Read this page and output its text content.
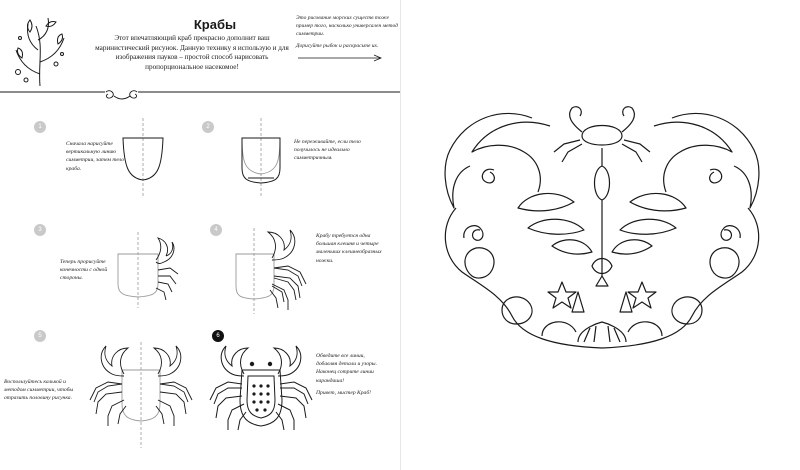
Крабы
Этот впечатляющий краб прекрасно дополнит ваш маринистический рисунок. Данную технику я использую и для изображения пауков – простой способ нарисовать пропорциональное насекомое!

Это рисование морских существ тоже пример того, насколько универсален метод симметрии.

Дорисуйте рыбок и раскрасьте их.

1
Сначала нарисуйте вертикальную линию симметрии, затем тело краба.
2
Не переживайте, если тело получилось не идеально симметричным.
3
Теперь прорисуйте конечности с одной стороны.
4
Крабу требуется одна большая клешня и четыре маленьких клешнеобразных ножки.
5
Воспользуйтесь калькой и методом симметрии, чтобы отразить половину рисунка.
6
Обведите все линии, добавляя детали и узоры. Наконец сотрите линии карандаша!
Привет, мистер Краб!
